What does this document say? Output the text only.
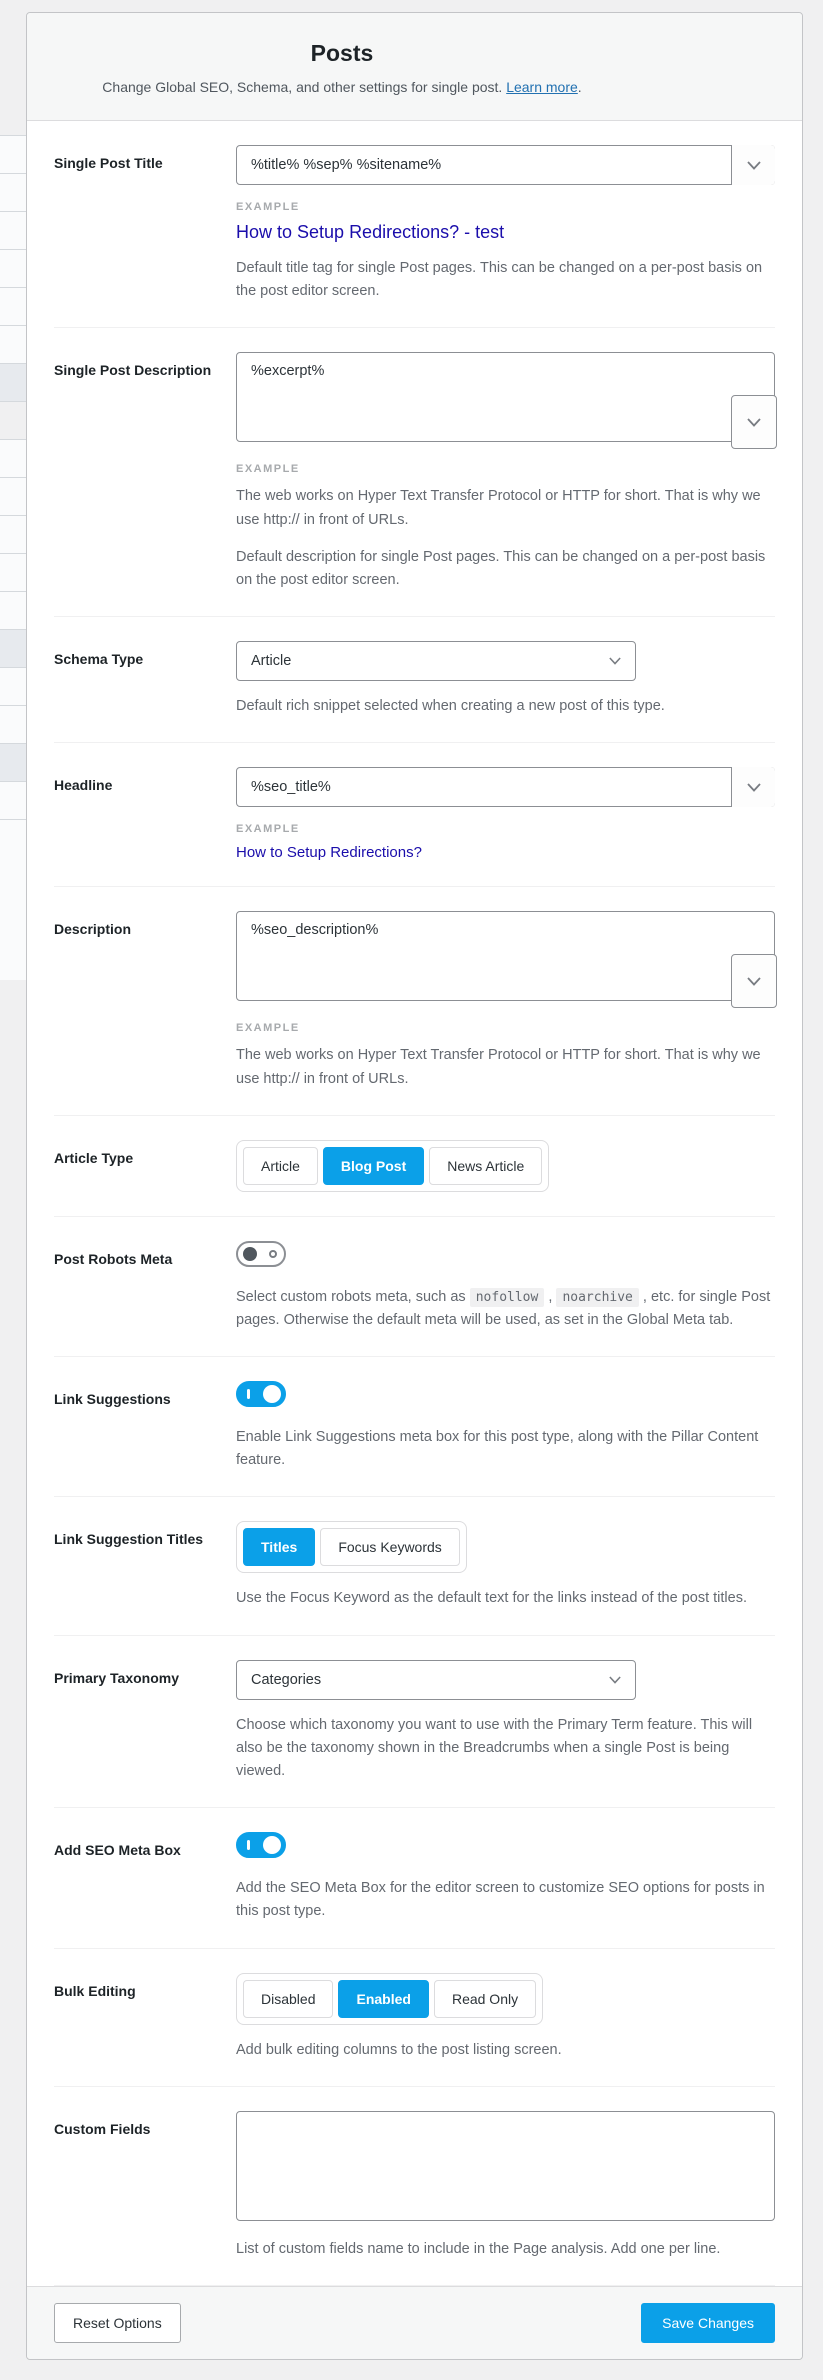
Posts
Change Global SEO, Schema, and other settings for single post. Learn more.
Single Post Title
%title% %sep% %sitename%
EXAMPLE
How to Setup Redirections? - test
Default title tag for single Post pages. This can be changed on a per-post basis on the post editor screen.
Single Post Description
%excerpt%
EXAMPLE
The web works on Hyper Text Transfer Protocol or HTTP for short. That is why we use http:// in front of URLs.
Default description for single Post pages. This can be changed on a per-post basis on the post editor screen.
Schema Type	Article
Default rich snippet selected when creating a new post of this type.
Headline
%seo_title%
EXAMPLE
How to Setup Redirections?
Description
%seo_description%
EXAMPLE
The web works on Hyper Text Transfer Protocol or HTTP for short. That is why we use http:// in front of URLs.
Article Type	Article	Blog Post	News Article
Post Robots Meta
Select custom robots meta, such as nofollow , noarchive , etc. for single Post pages. Otherwise the default meta will be used, as set in the Global Meta tab.
Link Suggestions
Enable Link Suggestions meta box for this post type, along with the Pillar Content feature.
Link Suggestion Titles	Titles	Focus Keywords
Use the Focus Keyword as the default text for the links instead of the post titles.
Primary Taxonomy	Categories
Choose which taxonomy you want to use with the Primary Term feature. This will also be the taxonomy shown in the Breadcrumbs when a single Post is being viewed.
Add SEO Meta Box
Add the SEO Meta Box for the editor screen to customize SEO options for posts in this post type.
Bulk Editing	Disabled	Enabled	Read Only
Add bulk editing columns to the post listing screen.
Custom Fields
List of custom fields name to include in the Page analysis. Add one per line.
Reset Options	Save Changes
